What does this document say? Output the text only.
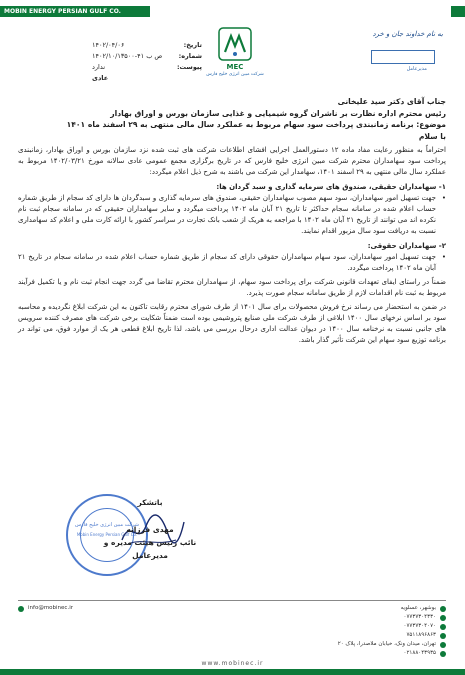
MOBIN ENERGY PERSIAN GULF CO.
تاریخ:
۱۴۰۲/۰۴/۰۶
شماره:
۱۴۰۲/۱۰/۱۳۵۰۰-۴۱ ص ب
پیوست:
ندارد
عادی
MEC
شرکت مبین انرژی خلیج فارس
به نام خداوند جان و خرد
مدیرعامل
جناب آقای دکتر سید علیخانی
رئیس محترم اداره نظارت بر ناشران گروه شیمیایی و غذایی سازمان بورس و اوراق بهادار
موضوع: برنامه زمانبندی پرداخت سود سهام مربوط به عملکرد سال مالی منتهی به ۲۹ اسفند ماه ۱۴۰۱
با سلام
احتراماً به منظور رعایت مفاد ماده ۱۲ دستورالعمل اجرایی افشای اطلاعات شرکت های ثبت شده نزد سازمان بورس و اوراق بهادار، زمانبندی پرداخت سود سهامداران محترم شرکت مبین انرژی خلیج فارس که در تاریخ برگزاری مجمع عمومی عادی سالانه مورخ ۱۴۰۲/۰۳/۲۱ مربوط به عملکرد سال مالی منتهی به ۲۹ اسفند ۱۴۰۱، سهامدار این شرکت می باشند به شرح ذیل اعلام میگردد:
۱- سهامداران حقیقی، صندوق های سرمایه گذاری و سبد گردان ها:
• جهت تسهیل امور سهامداران، سود سهم مصوب سهامداران حقیقی، صندوق های سرمایه گذاری و سبدگردان ها دارای کد سجام از طریق شماره حساب اعلام شده در سامانه سجام حداکثر تا تاریخ ۲۱ آبان ماه ۱۴۰۲ پرداخت میگردد و سایر سهامداران حقیقی که در سامانه سجام ثبت نام نکرده اند می توانند از تاریخ ۲۱ آبان ماه ۱۴۰۲ با مراجعه به هریک از شعب بانک تجارت در سراسر کشور با ارائه کارت ملی و اعلام کد سهامداری نسبت به دریافت سود سال مزبور اقدام نمایند.
۲- سهامداران حقوقی:
• جهت تسهیل امور سهامداران، سود سهام سهامداران حقوقی دارای کد سجام از طریق شماره حساب اعلام شده در سامانه سجام در تاریخ ۲۱ آبان ماه ۱۴۰۲ پرداخت میگردد.
ضمناً در راستای ایفای تعهدات قانونی شرکت برای پرداخت سود سهام، از سهامداران محترم تقاضا می گردد جهت انجام ثبت نام و یا تکمیل فرآیند مربوط به ثبت نام اقدامات لازم از طریق سامانه سجام صورت پذیرد.
در ضمن به استحضار می رساند نرخ فروش محصولات برای سال ۱۴۰۱ از طرف شورای محترم رقابت تاکنون به این شرکت ابلاغ نگردیده و محاسبه سود بر اساس نرخهای سال ۱۴۰۰ ابلاغی از طرف شرکت ملی صنایع پتروشیمی بوده است ضمناً شکایت برخی شرکت های مصرف کننده سرویس های جانبی نسبت به نرخنامه سال ۱۴۰۰ در دیوان عدالت اداری درحال بررسی می باشد، لذا تاریخ ابلاغ قطعی هر یک از موارد فوق، می تواند در برنامه توزیع سود سهام این شرکت تأثیر گذار باشد.
شرکت مبین انرژی خلیج فارس
Mobin Energy Persian Gulf Co.
باتشکر
مهدی فرزانه
نائب رئیس هیئت مدیره و مدیرعامل
بوشهر، عسلویه
۰۷۷۳۷۳۰۴۳۳۰
۰۷۷۳۷۳۰۴۰۷۰
۷۵۱۱۸۹۶۸۶۳
تهران، میدان ونک، خیابان ملاصدرا، پلاک ۲۰
۰۲۱۸۸۰۴۳۹۳۵
info@mobinec.ir
www.mobinec.ir
